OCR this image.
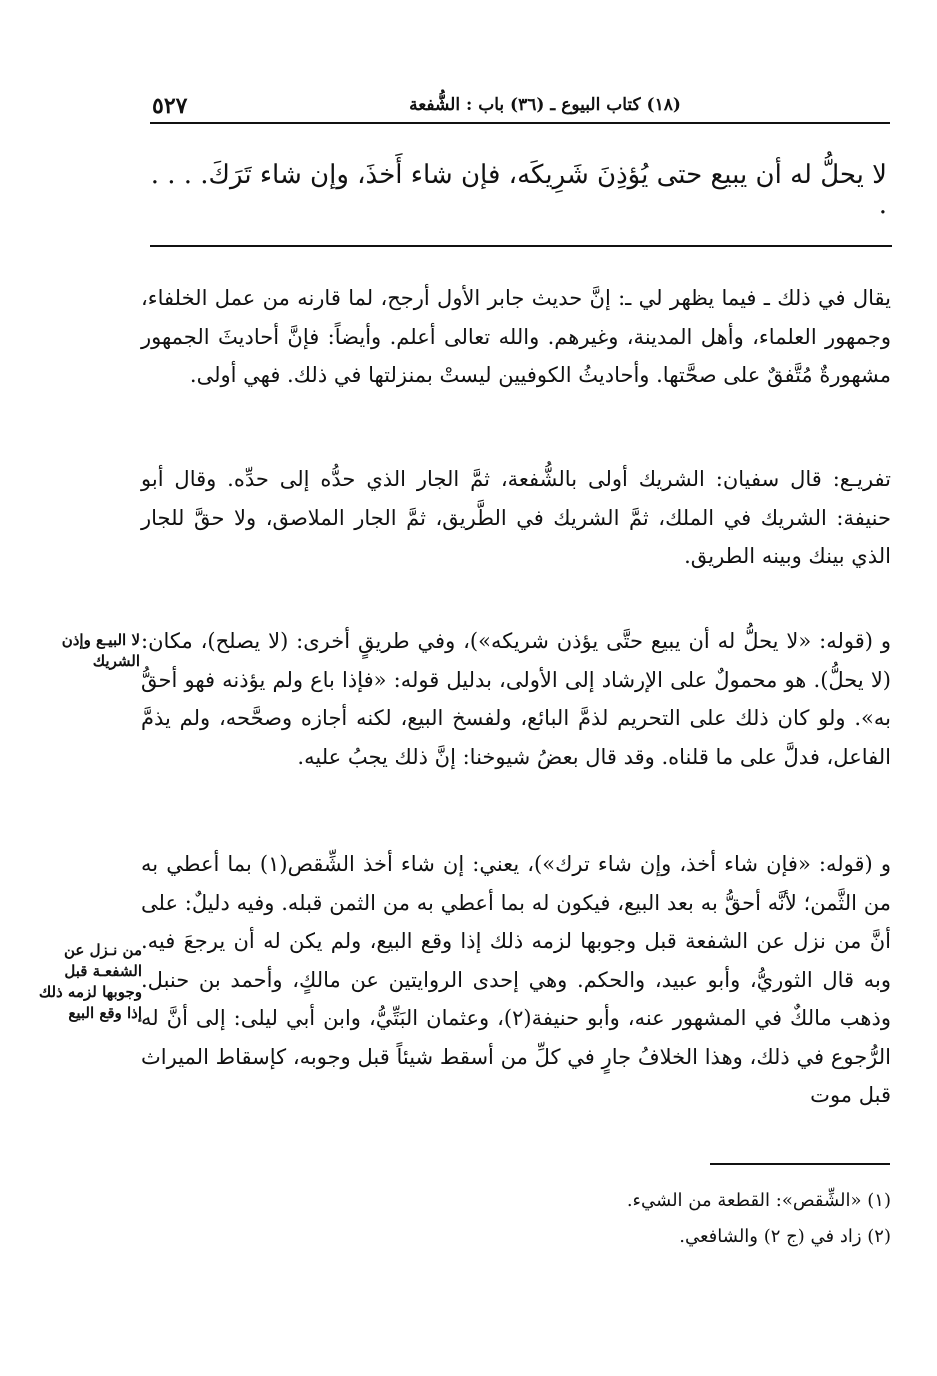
(١٨) كتاب البيوع ـ (٣٦) باب : الشُّفعة
٥٢٧
لا يحلُّ له أن يبيع حتى يُؤذِنَ شَرِيكَه، فإن شاء أَخذَ، وإن شاء تَرَكَ. . . . .
يقال في ذلك ـ فيما يظهر لي ـ: إنَّ حديث جابر الأول أرجح، لما قارنه من عمل الخلفاء، وجمهور العلماء، وأهل المدينة، وغيرهم. والله تعالى أعلم. وأيضاً: فإنَّ أحاديثَ الجمهور مشهورةٌ مُتَّفقٌ على صحَّتها. وأحاديثُ الكوفيين ليستْ بمنزلتها في ذلك. فهي أولى.
تفريـع: قال سفيان: الشريك أولى بالشُّفعة، ثمَّ الجار الذي حدُّه إلى حدِّه. وقال أبو حنيفة: الشريك في الملك، ثمَّ الشريك في الطَّريق، ثمَّ الجار الملاصق، ولا حقَّ للجار الذي بينك وبينه الطريق.
و (قوله: «لا يحلُّ له أن يبيع حتَّى يؤذن شريكه»)، وفي طريقٍ أخرى: (لا يصلح)، مكان: (لا يحلُّ). هو محمولٌ على الإرشاد إلى الأولى، بدليل قوله: «فإذا باع ولم يؤذنه فهو أحقُّ به». ولو كان ذلك على التحريم لذمَّ البائع، ولفسخ البيع، لكنه أجازه وصحَّحه، ولم يذمَّ الفاعل، فدلَّ على ما قلناه. وقد قال بعضُ شيوخنا: إنَّ ذلك يجبُ عليه.
و (قوله: «فإن شاء أخذ، وإن شاء ترك»)، يعني: إن شاء أخذ الشِّقص(١) بما أعطي به من الثَّمن؛ لأنَّه أحقُّ به بعد البيع، فيكون له بما أعطي به من الثمن قبله. وفيه دليلٌ: على أنَّ من نزل عن الشفعة قبل وجوبها لزمه ذلك إذا وقع البيع، ولم يكن له أن يرجعَ فيه. وبه قال الثوريُّ، وأبو عبيد، والحكم. وهي إحدى الروايتين عن مالكٍ، وأحمد بن حنبل. وذهب مالكٌ في المشهور عنه، وأبو حنيفة(٢)، وعثمان البَتِّيُّ، وابن أبي ليلى: إلى أنَّ له الرُّجوع في ذلك، وهذا الخلافُ جارٍ في كلِّ من أسقط شيئاً قبل وجوبه، كإسقاط الميراث قبل موت
لا البيـع وإذن الشريك
من نـزل عن الشفعـة قبل وجوبها لزمه ذلك إذا وقع البيع
(١) «الشِّقص»: القطعة من الشيء.
(٢) زاد في (ج ٢) والشافعي.
